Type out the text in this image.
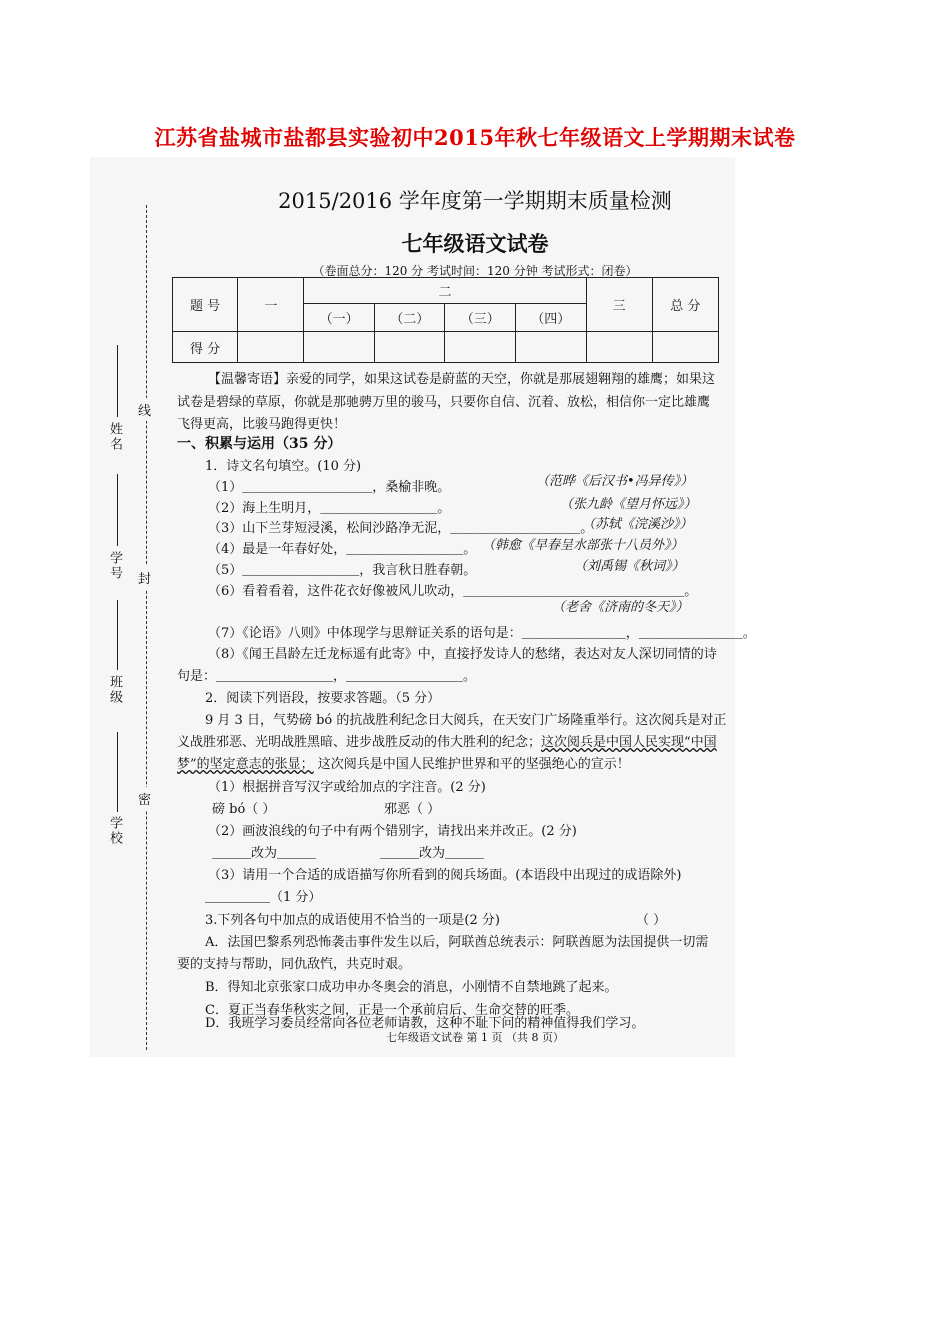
江苏省盐城市盐都县实验初中2015年秋七年级语文上学期期末试卷
线
封
密
姓名
学号
班级
学校
2015/2016 学年度第一学期期末质量检测
七年级语文试卷
（卷面总分：120 分 考试时间：120 分钟 考试形式：闭卷）
题 号	一	二				三	总 分
		（一）	（二）	（三）	（四）		
得 分							
【温馨寄语】亲爱的同学，如果这试卷是蔚蓝的天空，你就是那展翅翱翔的雄鹰；如果这
试卷是碧绿的草原，你就是那驰骋万里的骏马，只要你自信、沉着、放松，相信你一定比雄鹰
飞得更高，比骏马跑得更快！
一、积累与运用（35 分）
1．诗文名句填空。(10 分)
（1）＿＿＿＿＿＿＿＿＿＿，桑榆非晚。	（范晔《后汉书•冯异传》）
（2）海上生明月，＿＿＿＿＿＿＿＿＿。	（张九龄《望月怀远》）
（3）山下兰芽短浸溪，松间沙路净无泥，＿＿＿＿＿＿＿＿＿＿。
（苏轼《浣溪沙》）
（4）最是一年春好处，＿＿＿＿＿＿＿＿＿。 （韩愈《早春呈水部张十八员外》）
（5）＿＿＿＿＿＿＿＿＿，我言秋日胜春朝。	（刘禹锡《秋词》）
（6）看着看着，这件花衣好像被风儿吹动，＿＿＿＿＿＿＿＿＿＿＿＿＿＿＿＿＿。
（老舍《济南的冬天》）
（7）《论语》八则》中体现学与思辩证关系的语句是：＿＿＿＿＿＿＿＿，＿＿＿＿＿＿＿＿。
（8）《闻王昌龄左迁龙标遥有此寄》中，直接抒发诗人的愁绪，表达对友人深切同情的诗
句是：＿＿＿＿＿＿＿＿＿，＿＿＿＿＿＿＿＿＿。
2．阅读下列语段，按要求答题。（5 分）
9 月 3 日，气势磅 bó 的抗战胜利纪念日大阅兵，在天安门广场隆重举行。这次阅兵是对正
义战胜邪恶、光明战胜黑暗、进步战胜反动的伟大胜利的纪念；这次阅兵是中国人民实现“中国
梦”的坚定意志的张显； 这次阅兵是中国人民维护世界和平的坚强绝心的宣示！
（1）根据拼音写汉字或给加点的字注音。(2 分)
磅 bó（ ）	邪恶（ ）
（2）画波浪线的句子中有两个错别字，请找出来并改正。(2 分)
＿＿＿改为＿＿＿	＿＿＿改为＿＿＿
（3）请用一个合适的成语描写你所看到的阅兵场面。(本语段中出现过的成语除外)
＿＿＿＿＿（1 分）
3.下列各句中加点的成语使用不恰当的一项是(2 分)	（ ）
A．法国巴黎系列恐怖袭击事件发生以后，阿联酋总统表示：阿联酋愿为法国提供一切需
要的支持与帮助，同仇敌忾，共克时艰。
B．得知北京张家口成功申办冬奥会的消息，小刚情不自禁地跳了起来。
C．夏正当春华秋实之间，正是一个承前启后、生命交替的旺季。
D．我班学习委员经常向各位老师请教，这种不耻下问的精神值得我们学习。
七年级语文试卷 第 1 页 （共 8 页）
